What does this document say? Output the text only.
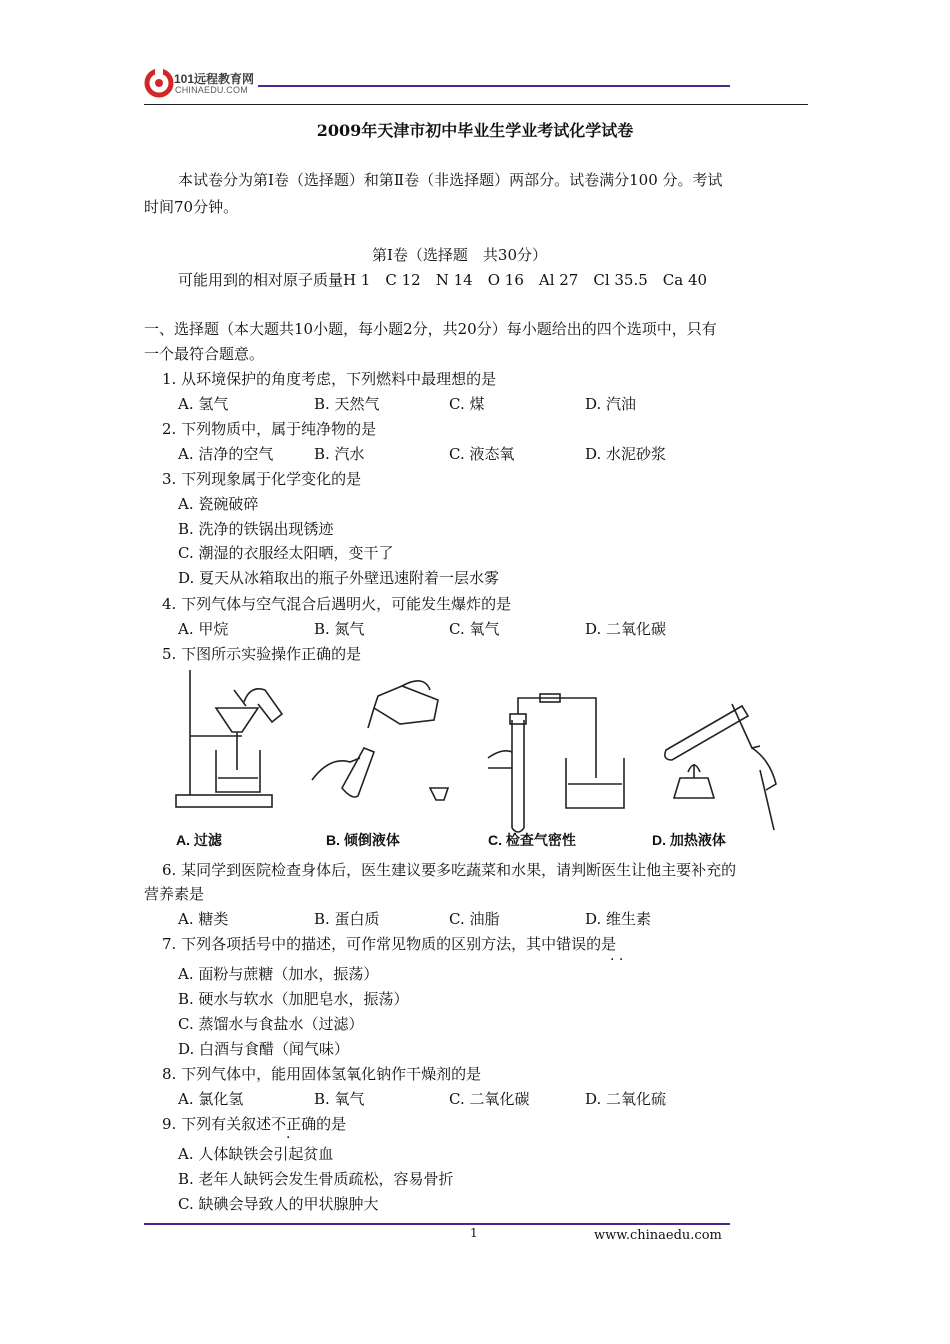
101远程教育网
CHINAEDU.COM
2009年天津市初中毕业生学业考试化学试卷
本试卷分为第Ⅰ卷（选择题）和第Ⅱ卷（非选择题）两部分。试卷满分100 分。考试
时间70分钟。
第Ⅰ卷（选择题　共30分）
可能用到的相对原子质量H 1　C 12　N 14　O 16　Al 27　Cl 35.5　Ca 40
一、选择题（本大题共10小题，每小题2分，共20分）每小题给出的四个选项中，只有
一个最符合题意。
1. 从环境保护的角度考虑，下列燃料中最理想的是
A. 氢气	B. 天然气	C. 煤	D. 汽油
2. 下列物质中，属于纯净物的是
A. 洁净的空气	B. 汽水	C. 液态氧	D. 水泥砂浆
3. 下列现象属于化学变化的是
A. 瓷碗破碎
B. 洗净的铁锅出现锈迹
C. 潮湿的衣服经太阳晒，变干了
D. 夏天从冰箱取出的瓶子外壁迅速附着一层水雾
4. 下列气体与空气混合后遇明火，可能发生爆炸的是
A. 甲烷	B. 氮气	C. 氧气	D. 二氧化碳
5. 下图所示实验操作正确的是
A. 过滤	B. 倾倒液体	C. 检查气密性	D. 加热液体
6. 某同学到医院检查身体后，医生建议要多吃蔬菜和水果，请判断医生让他主要补充的
营养素是
A. 糖类	B. 蛋白质	C. 油脂	D. 维生素
7. 下列各项括号中的描述，可作常见物质的区别方法，其中错误的是
· ·
A. 面粉与蔗糖（加水，振荡）
B. 硬水与软水（加肥皂水，振荡）
C. 蒸馏水与食盐水（过滤）
D. 白酒与食醋（闻气味）
8. 下列气体中，能用固体氢氧化钠作干燥剂的是
A. 氯化氢	B. 氧气	C. 二氧化碳	D. 二氧化硫
9. 下列有关叙述不正确的是
·
A. 人体缺铁会引起贫血
B. 老年人缺钙会发生骨质疏松，容易骨折
C. 缺碘会导致人的甲状腺肿大
1	www.chinaedu.com
